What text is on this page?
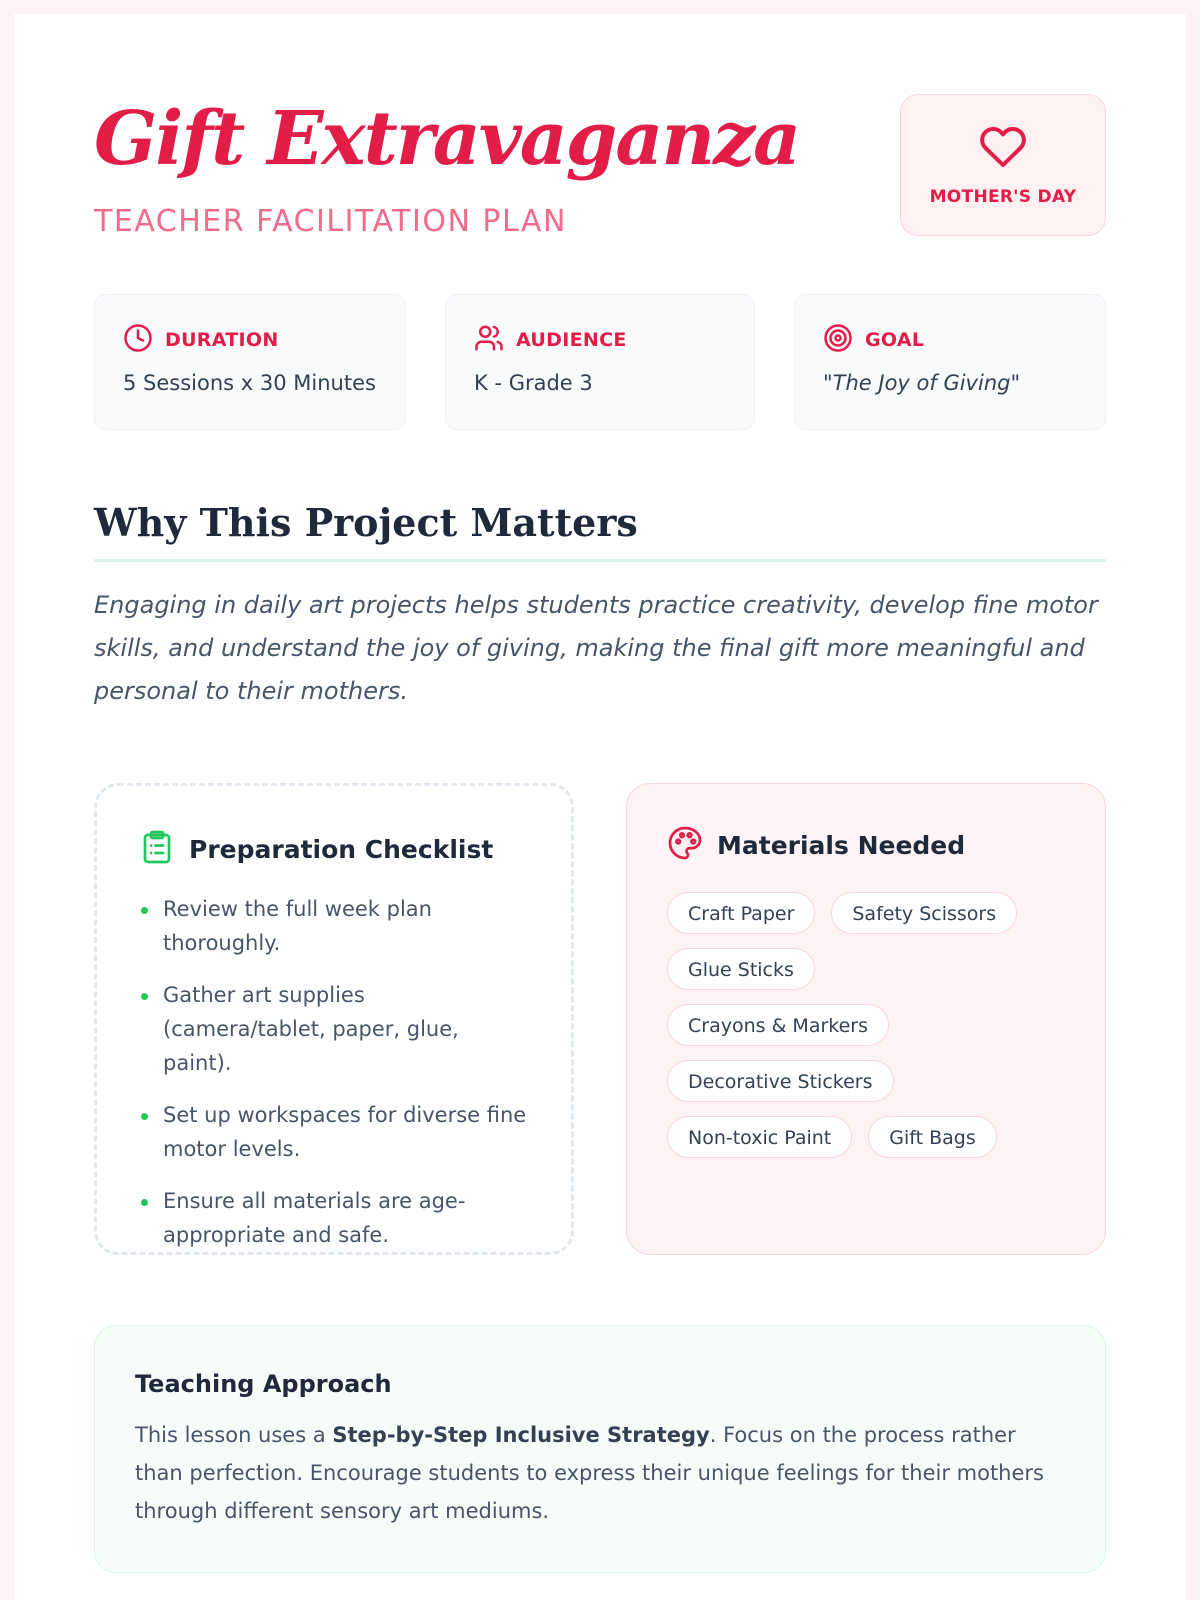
Gift Extravaganza
TEACHER FACILITATION PLAN
MOTHER'S DAY
DURATION
5 Sessions x 30 Minutes
AUDIENCE
K - Grade 3
GOAL
"The Joy of Giving"
Why This Project Matters

Engaging in daily art projects helps students practice creativity, develop fine motor skills, and understand the joy of giving, making the final gift more meaningful and personal to their mothers.

Preparation Checklist
Review the full week plan thoroughly.
Gather art supplies (camera/tablet, paper, glue, paint).
Set up workspaces for diverse fine motor levels.
Ensure all materials are age-appropriate and safe.
Materials Needed
Craft Paper	Safety Scissors
Glue Sticks
Crayons & Markers
Decorative Stickers
Non-toxic Paint	Gift Bags
Teaching Approach

This lesson uses a Step-by-Step Inclusive Strategy. Focus on the process rather than perfection. Encourage students to express their unique feelings for their mothers through different sensory art mediums.
